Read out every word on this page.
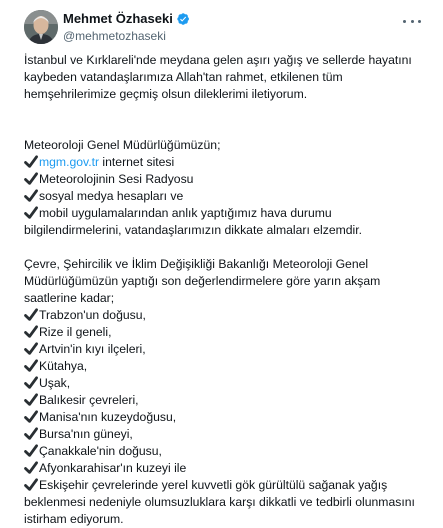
Mehmet Özhaseki
@mehmetozhaseki

İstanbul ve Kırklareli'nde meydana gelen aşırı yağış ve sellerde hayatını

kaybeden vatandaşlarımıza Allah'tan rahmet, etkilenen tüm

hemşehrilerimize geçmiş olsun dileklerimi iletiyorum.

Meteoroloji Genel Müdürlüğümüzün;

mgm.gov.tr internet sitesi

Meteorolojinin Sesi Radyosu

sosyal medya hesapları ve

mobil uygulamalarından anlık yaptığımız hava durumu

bilgilendirmelerini, vatandaşlarımızın dikkate almaları elzemdir.

Çevre, Şehircilik ve İklim Değişikliği Bakanlığı Meteoroloji Genel

Müdürlüğümüzün yaptığı son değerlendirmelere göre yarın akşam

saatlerine kadar;

Trabzon'un doğusu,

Rize il geneli,

Artvin'in kıyı ilçeleri,

Kütahya,

Uşak,

Balıkesir çevreleri,

Manisa'nın kuzeydoğusu,

Bursa'nın güneyi,

Çanakkale'nin doğusu,

Afyonkarahisar'ın kuzeyi ile

Eskişehir çevrelerinde yerel kuvvetli gök gürültülü sağanak yağış

beklenmesi nedeniyle olumsuzluklara karşı dikkatli ve tedbirli olunmasını

istirham ediyorum.
